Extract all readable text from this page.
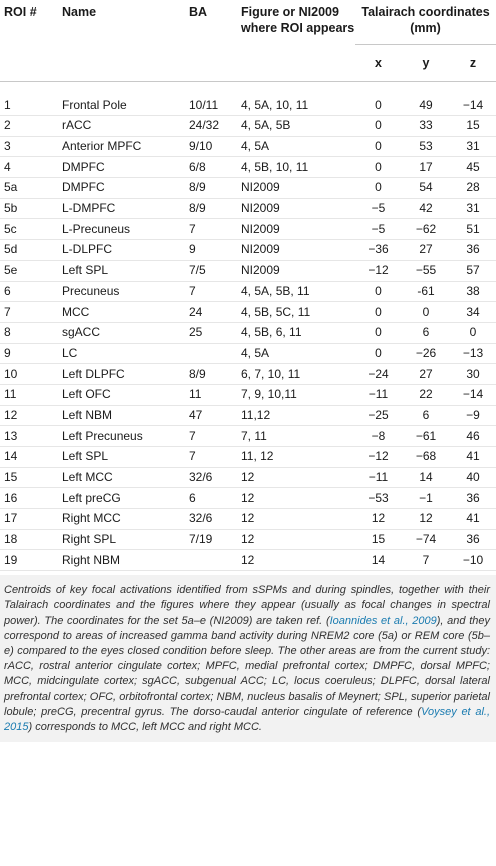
ROI #	Name	BA	Figure or NI2009 where ROI appears	Talairach coordinates (mm)		
				x	y	z
1	Frontal Pole	10/11	4, 5A, 10, 11	0	49	−14
2	rACC	24/32	4, 5A, 5B	0	33	15
3	Anterior MPFC	9/10	4, 5A	0	53	31
4	DMPFC	6/8	4, 5B, 10, 11	0	17	45
5a	DMPFC	8/9	NI2009	0	54	28
5b	L-DMPFC	8/9	NI2009	−5	42	31
5c	L-Precuneus	7	NI2009	−5	−62	51
5d	L-DLPFC	9	NI2009	−36	27	36
5e	Left SPL	7/5	NI2009	−12	−55	57
6	Precuneus	7	4, 5A, 5B, 11	0	-61	38
7	MCC	24	4, 5B, 5C, 11	0	0	34
8	sgACC	25	4, 5B, 6, 11	0	6	0
9	LC		4, 5A	0	−26	−13
10	Left DLPFC	8/9	6, 7, 10, 11	−24	27	30
11	Left OFC	11	7, 9, 10,11	−11	22	−14
12	Left NBM	47	11,12	−25	6	−9
13	Left Precuneus	7	7, 11	−8	−61	46
14	Left SPL	7	11, 12	−12	−68	41
15	Left MCC	32/6	12	−11	14	40
16	Left preCG	6	12	−53	−1	36
17	Right MCC	32/6	12	12	12	41
18	Right SPL	7/19	12	15	−74	36
19	Right NBM		12	14	7	−10
Centroids of key focal activations identified from sSPMs and during spindles, together with their Talairach coordinates and the figures where they appear (usually as focal changes in spectral power). The coordinates for the set 5a–e (NI2009) are taken ref. (Ioannides et al., 2009), and they correspond to areas of increased gamma band activity during NREM2 core (5a) or REM core (5b–e) compared to the eyes closed condition before sleep. The other areas are from the current study: rACC, rostral anterior cingulate cortex; MPFC, medial prefrontal cortex; DMPFC, dorsal MPFC; MCC, midcingulate cortex; sgACC, subgenual ACC; LC, locus coeruleus; DLPFC, dorsal lateral prefrontal cortex; OFC, orbitofrontal cortex; NBM, nucleus basalis of Meynert; SPL, superior parietal lobule; preCG, precentral gyrus. The dorso-caudal anterior cingulate of reference (Voysey et al., 2015) corresponds to MCC, left MCC and right MCC.
